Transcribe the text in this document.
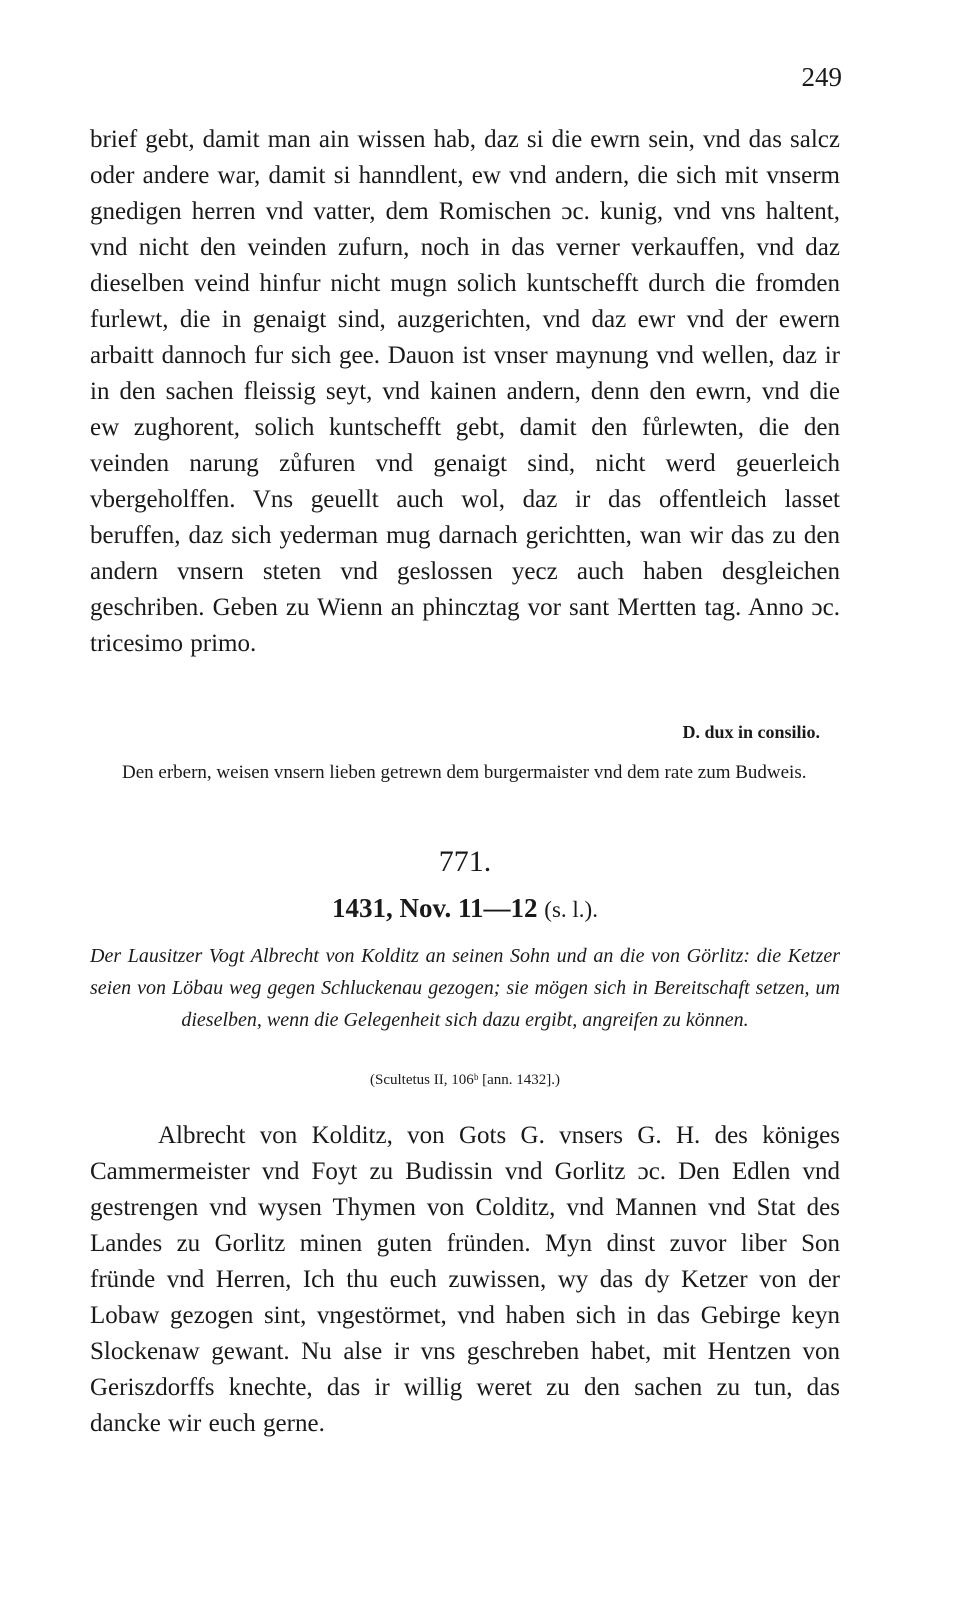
249

brief gebt, damit man ain wissen hab, daz si die ewrn sein, vnd das salcz oder andere war, damit si hanndlent, ew vnd andern, die sich mit vnserm gnedigen herren vnd vatter, dem Romischen ɔc. kunig, vnd vns haltent, vnd nicht den veinden zufurn, noch in das verner verkauffen, vnd daz dieselben veind hinfur nicht mugn solich kuntschefft durch die fromden furlewt, die in genaigt sind, auzgerichten, vnd daz ewr vnd der ewern arbaitt dannoch fur sich gee. Dauon ist vnser maynung vnd wellen, daz ir in den sachen fleissig seyt, vnd kainen andern, denn den ewrn, vnd die ew zughorent, solich kuntschefft gebt, damit den fůrlewten, die den veinden narung zůfuren vnd genaigt sind, nicht werd geuerleich vbergeholffen. Vns geuellt auch wol, daz ir das offentleich lasset beruffen, daz sich yederman mug darnach gerichtten, wan wir das zu den andern vnsern steten vnd geslossen yecz auch haben desgleichen geschriben. Geben zu Wienn an phincztag vor sant Mertten tag. Anno ɔc. tricesimo primo.

D. dux in consilio.

Den erbern, weisen vnsern lieben getrewn dem burgermaister vnd dem rate zum Budweis.

771.
1431, Nov. 11—12 (s. l.).

Der Lausitzer Vogt Albrecht von Kolditz an seinen Sohn und an die von Görlitz: die Ketzer seien von Löbau weg gegen Schluckenau gezogen; sie mögen sich in Bereitschaft setzen, um dieselben, wenn die Gelegenheit sich dazu ergibt, angreifen zu können.

(Scultetus II, 106ᵇ [ann. 1432].)

Albrecht von Kolditz, von Gots G. vnsers G. H. des königes Cammermeister vnd Foyt zu Budissin vnd Gorlitz ɔc. Den Edlen vnd gestrengen vnd wysen Thymen von Colditz, vnd Mannen vnd Stat des Landes zu Gorlitz minen guten fründen. Myn dinst zuvor liber Son fründe vnd Herren, Ich thu euch zuwissen, wy das dy Ketzer von der Lobaw gezogen sint, vngestörmet, vnd haben sich in das Gebirge keyn Slockenaw gewant. Nu alse ir vns geschreben habet, mit Hentzen von Geriszdorffs knechte, das ir willig weret zu den sachen zu tun, das dancke wir euch gerne.
